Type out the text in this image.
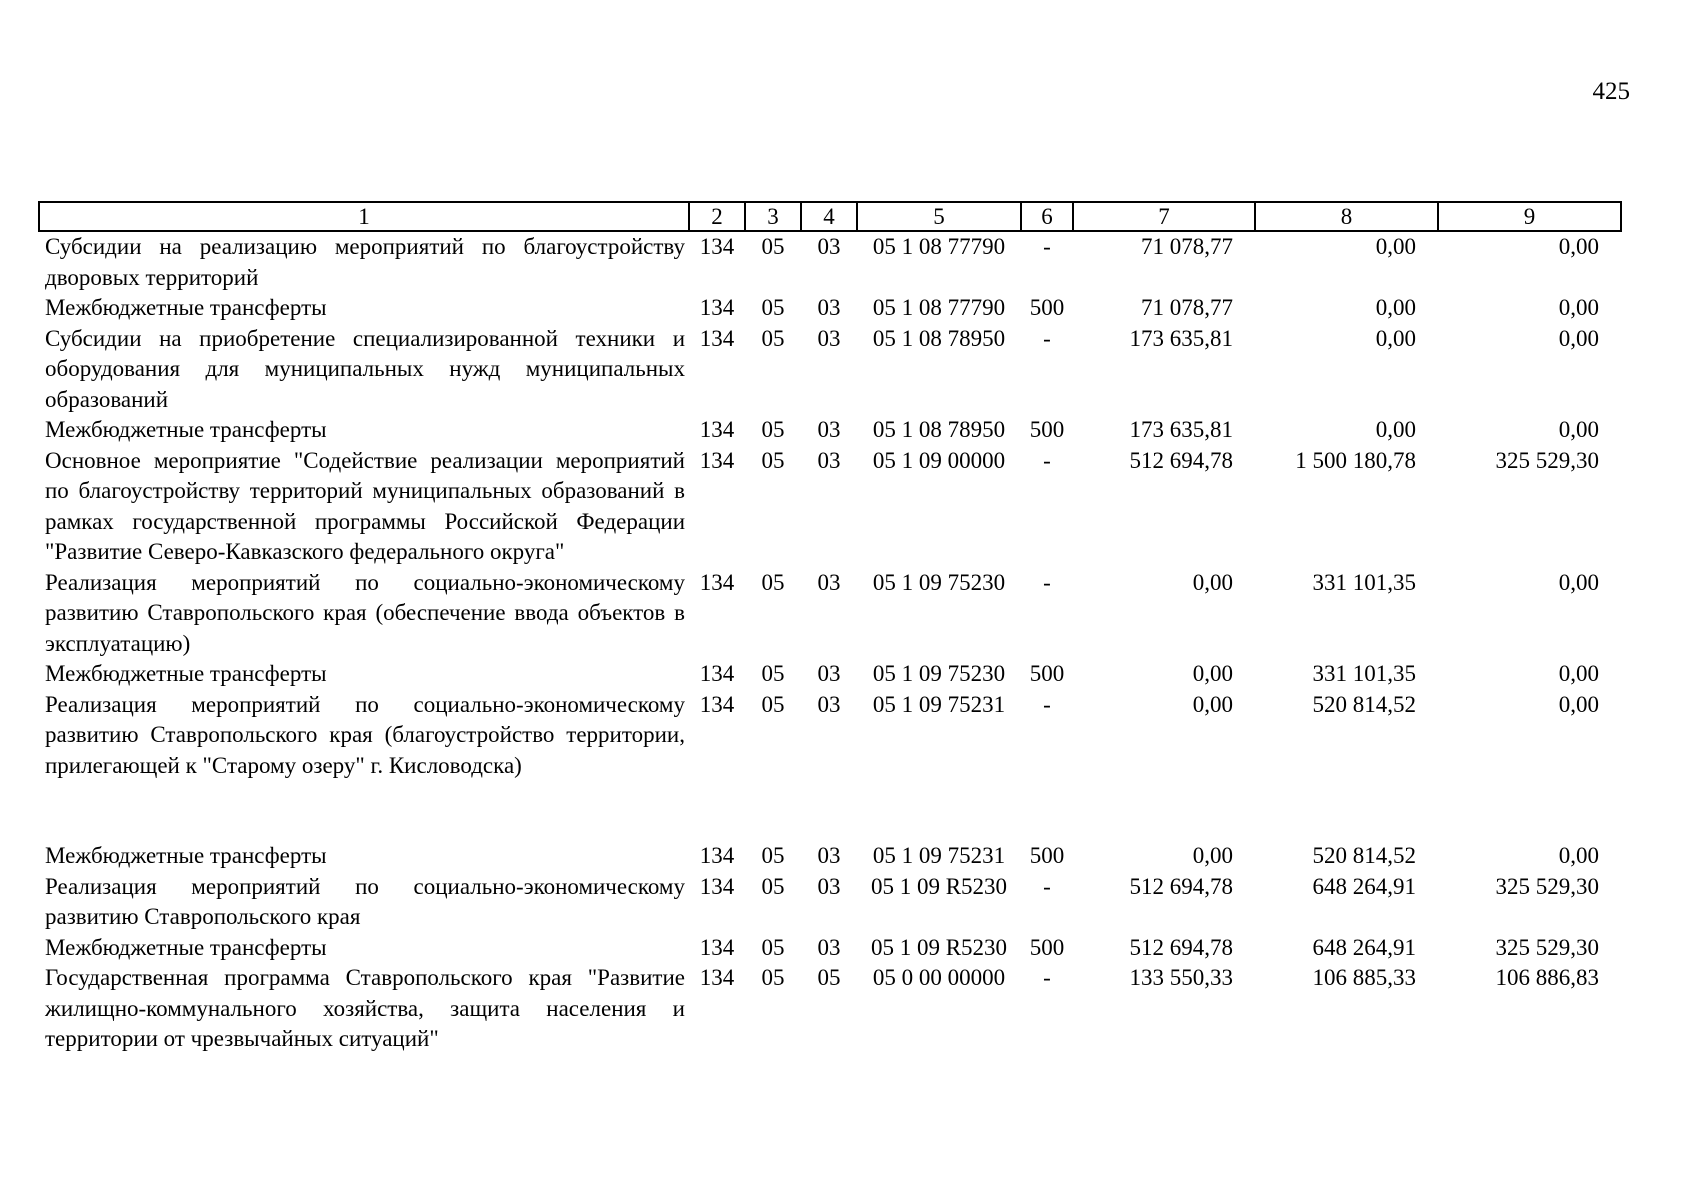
425
1	2	3	4	5	6	7	8	9
Субсидии на реализацию мероприятий по благоустройству дворовых территорий	134	05	03	05 1 08 77790	-	71 078,77	0,00	0,00
Межбюджетные трансферты	134	05	03	05 1 08 77790	500	71 078,77	0,00	0,00
Субсидии на приобретение специализированной техники и оборудования для муниципальных нужд муниципальных образований	134	05	03	05 1 08 78950	-	173 635,81	0,00	0,00
Межбюджетные трансферты	134	05	03	05 1 08 78950	500	173 635,81	0,00	0,00
Основное мероприятие "Содействие реализации мероприятий по благоустройству территорий муниципальных образований в рамках государственной программы Российской Федерации "Развитие Северо-Кавказского федерального округа"	134	05	03	05 1 09 00000	-	512 694,78	1 500 180,78	325 529,30
Реализация мероприятий по социально-экономическому развитию Ставропольского края (обеспечение ввода объектов в эксплуатацию)	134	05	03	05 1 09 75230	-	0,00	331 101,35	0,00
Межбюджетные трансферты	134	05	03	05 1 09 75230	500	0,00	331 101,35	0,00
Реализация мероприятий по социально-экономическому развитию Ставропольского края (благоустройство территории, прилегающей к "Старому озеру" г. Кисловодска)	134	05	03	05 1 09 75231	-	0,00	520 814,52	0,00

Межбюджетные трансферты	134	05	03	05 1 09 75231	500	0,00	520 814,52	0,00
Реализация мероприятий по социально-экономическому развитию Ставропольского края	134	05	03	05 1 09 R5230	-	512 694,78	648 264,91	325 529,30
Межбюджетные трансферты	134	05	03	05 1 09 R5230	500	512 694,78	648 264,91	325 529,30
Государственная программа Ставропольского края "Развитие жилищно-коммунального хозяйства, защита населения и территории от чрезвычайных ситуаций"	134	05	05	05 0 00 00000	-	133 550,33	106 885,33	106 886,83
